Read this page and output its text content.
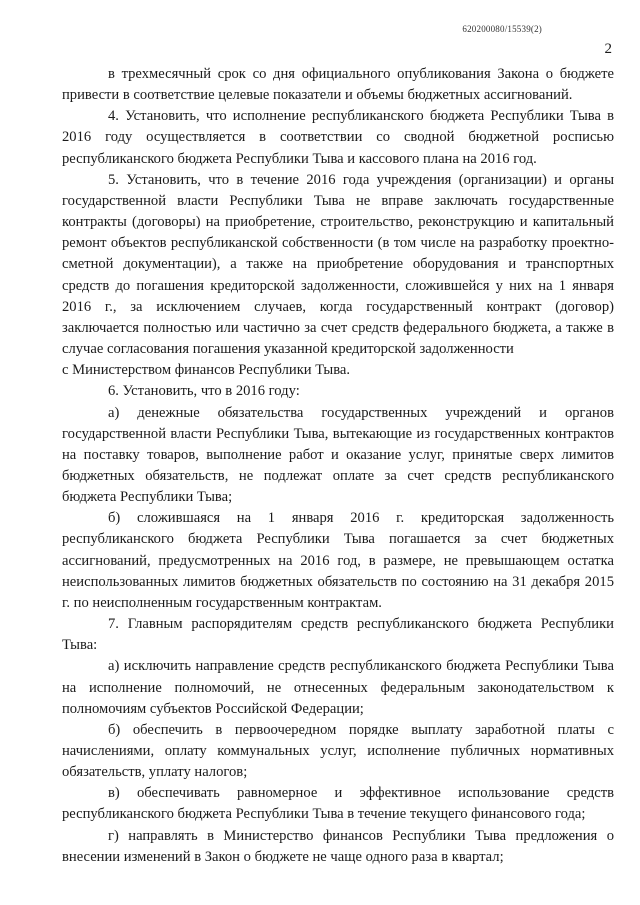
620200080/15539(2)
2

в трехмесячный срок со дня официального опубликования Закона о бюджете привести в соответствие целевые показатели и объемы бюджетных ассигнований.

4. Установить, что исполнение республиканского бюджета Республики Тыва в 2016 году осуществляется в соответствии со сводной бюджетной росписью республиканского бюджета Республики Тыва и кассового плана на 2016 год.

5. Установить, что в течение 2016 года учреждения (организации) и органы государственной власти Республики Тыва не вправе заключать государственные контракты (договоры) на приобретение, строительство, реконструкцию и капитальный ремонт объектов республиканской собственности (в том числе на разработку проектно-сметной документации), а также на приобретение оборудования и транспортных средств до погашения кредиторской задолженности, сложившейся у них на 1 января 2016 г., за исключением случаев, когда государственный контракт (договор) заключается полностью или частично за счет средств федерального бюджета, а также в случае согласования погашения указанной кредиторской задолженности

с Министерством финансов Республики Тыва.

6. Установить, что в 2016 году:

а) денежные обязательства государственных учреждений и органов государственной власти Республики Тыва, вытекающие из государственных контрактов на поставку товаров, выполнение работ и оказание услуг, принятые сверх лимитов бюджетных обязательств, не подлежат оплате за счет средств республиканского бюджета Республики Тыва;

б) сложившаяся на 1 января 2016 г. кредиторская задолженность республиканского бюджета Республики Тыва погашается за счет бюджетных ассигнований, предусмотренных на 2016 год, в размере, не превышающем остатка неиспользованных лимитов бюджетных обязательств по состоянию на 31 декабря 2015 г. по неисполненным государственным контрактам.

7. Главным распорядителям средств республиканского бюджета Республики Тыва:

а) исключить направление средств республиканского бюджета Республики Тыва на исполнение полномочий, не отнесенных федеральным законодательством к полномочиям субъектов Российской Федерации;

б) обеспечить в первоочередном порядке выплату заработной платы с начислениями, оплату коммунальных услуг, исполнение публичных нормативных обязательств, уплату налогов;

в) обеспечивать равномерное и эффективное использование средств республиканского бюджета Республики Тыва в течение текущего финансового года;

г) направлять в Министерство финансов Республики Тыва предложения о внесении изменений в Закон о бюджете не чаще одного раза в квартал;
